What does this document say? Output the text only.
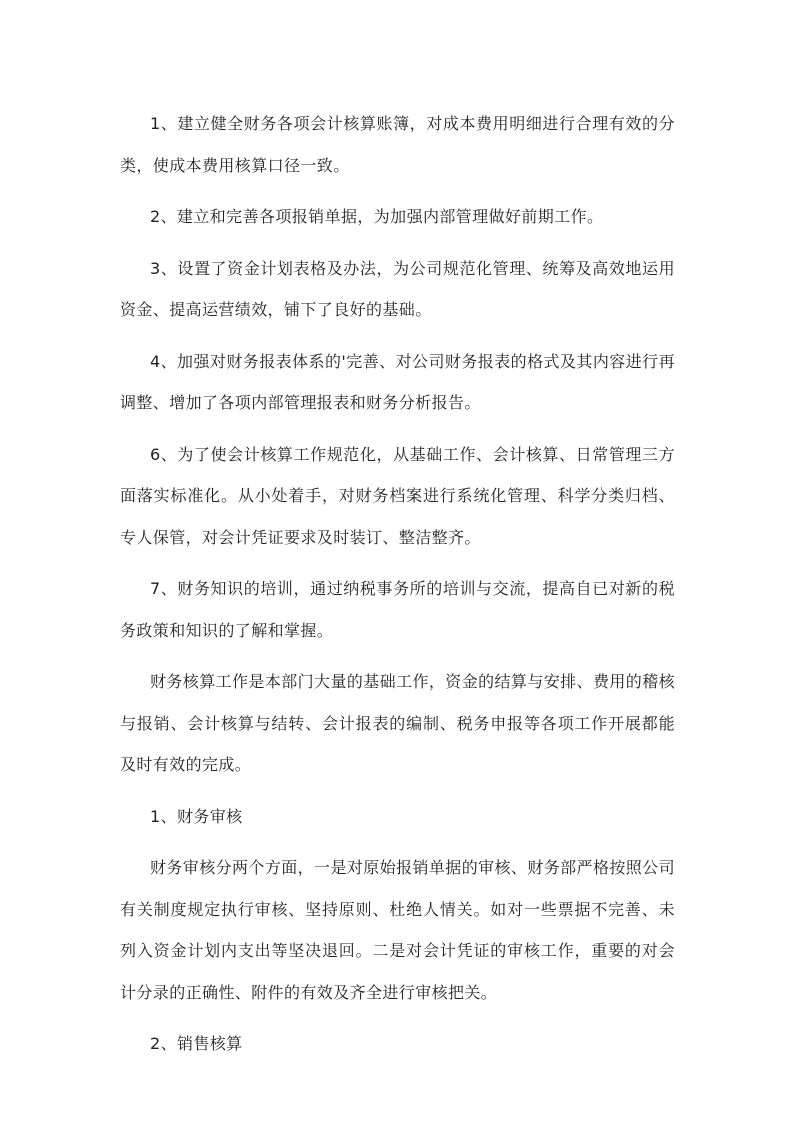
1、建立健全财务各项会计核算账簿，对成本费用明细进行合理有效的分类，使成本费用核算口径一致。

2、建立和完善各项报销单据，为加强内部管理做好前期工作。

3、设置了资金计划表格及办法，为公司规范化管理、统筹及高效地运用资金、提高运营绩效，铺下了良好的基础。

4、加强对财务报表体系的'完善、对公司财务报表的格式及其内容进行再调整、增加了各项内部管理报表和财务分析报告。

6、为了使会计核算工作规范化，从基础工作、会计核算、日常管理三方面落实标准化。从小处着手，对财务档案进行系统化管理、科学分类归档、专人保管，对会计凭证要求及时装订、整洁整齐。

7、财务知识的培训，通过纳税事务所的培训与交流，提高自已对新的税务政策和知识的了解和掌握。

财务核算工作是本部门大量的基础工作，资金的结算与安排、费用的稽核与报销、会计核算与结转、会计报表的编制、税务申报等各项工作开展都能及时有效的完成。

1、财务审核

财务审核分两个方面，一是对原始报销单据的审核、财务部严格按照公司有关制度规定执行审核、坚持原则、杜绝人情关。如对一些票据不完善、未列入资金计划内支出等坚决退回。二是对会计凭证的审核工作，重要的对会计分录的正确性、附件的有效及齐全进行审核把关。

2、销售核算
